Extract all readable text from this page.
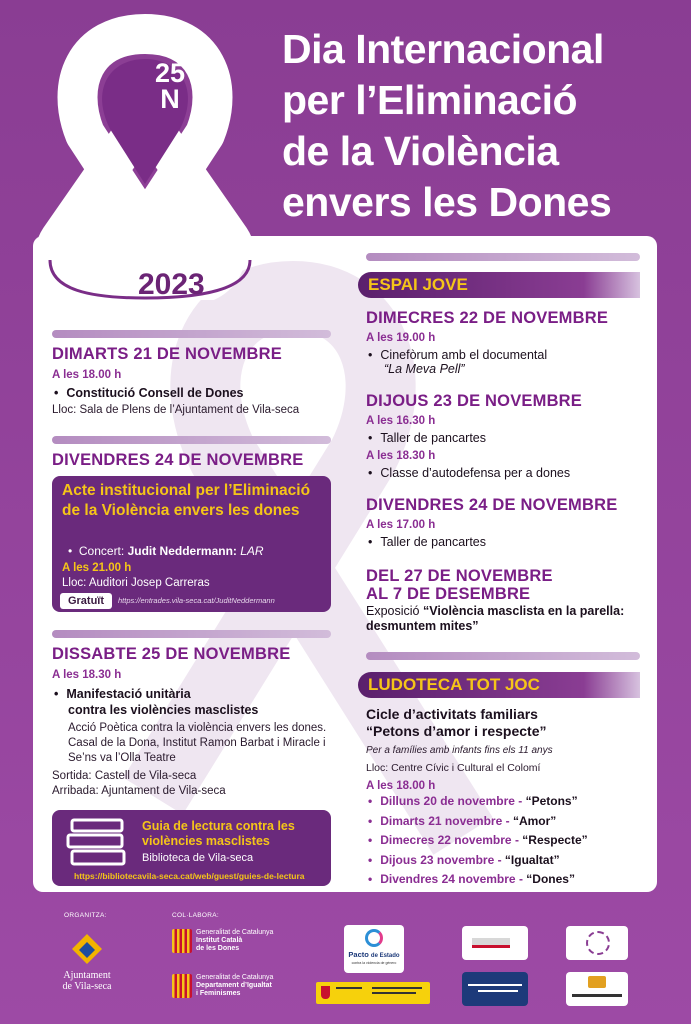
25
N
Dia Internacional
per l’Eliminació
de la Violència
envers les Dones
2023
DIMARTS 21 DE NOVEMBRE
A les 18.00 h
• Constitució Consell de Dones
Lloc: Sala de Plens de l’Ajuntament de Vila-seca
DIVENDRES 24 DE NOVEMBRE
Acte institucional per l’Eliminació de la Violència envers les dones
•  Concert: Judit Neddermann: LAR
A les 21.00 h
Lloc: Auditori Josep Carreras
Gratuït	https://entrades.vila-seca.cat/JuditNeddermann
DISSABTE 25 DE NOVEMBRE
A les 18.30 h
• Manifestació unitària
contra les violències masclistes
Acció Poètica contra la violència envers les dones.
Casal de la Dona, Institut Ramon Barbat i Miracle i
Se’ns va l’Olla Teatre
Sortida: Castell de Vila-seca
Arribada: Ajuntament de Vila-seca
Guia de lectura contra les violències masclistes
Biblioteca de Vila-seca
https://bibliotecavila-seca.cat/web/guest/guies-de-lectura
ESPAI JOVE
DIMECRES 22 DE NOVEMBRE
A les 19.00 h
• Cinefòrum amb el documental
“La Meva Pell”
DIJOUS 23 DE NOVEMBRE
A les 16.30 h
• Taller de pancartes
A les 18.30 h
• Classe d’autodefensa per a dones
DIVENDRES 24 DE NOVEMBRE
A les 17.00 h
• Taller de pancartes
DEL 27 DE NOVEMBRE
AL 7 DE DESEMBRE
Exposició “Violència masclista en la parella:
desmuntem mites”
LUDOTECA TOT JOC
Cicle d’activitats familiars
“Petons d’amor i respecte”
Per a famílies amb infants fins els 11 anys
Lloc: Centre Cívic i Cultural el Colomí
A les 18.00 h
• Dilluns 20 de novembre - “Petons”
• Dimarts 21 novembre - “Amor”
• Dimecres 22 novembre - “Respecte”
• Dijous 23 novembre - “Igualtat”
• Divendres 24 novembre - “Dones”
ORGANITZA:	COL·LABORA:
Ajuntament
de Vila-seca
Generalitat de Catalunya
Institut Català
de les Dones
Generalitat de Catalunya
Departament d’Igualtat
i Feminismes
Pacto de Estado
contra la violencia de género
